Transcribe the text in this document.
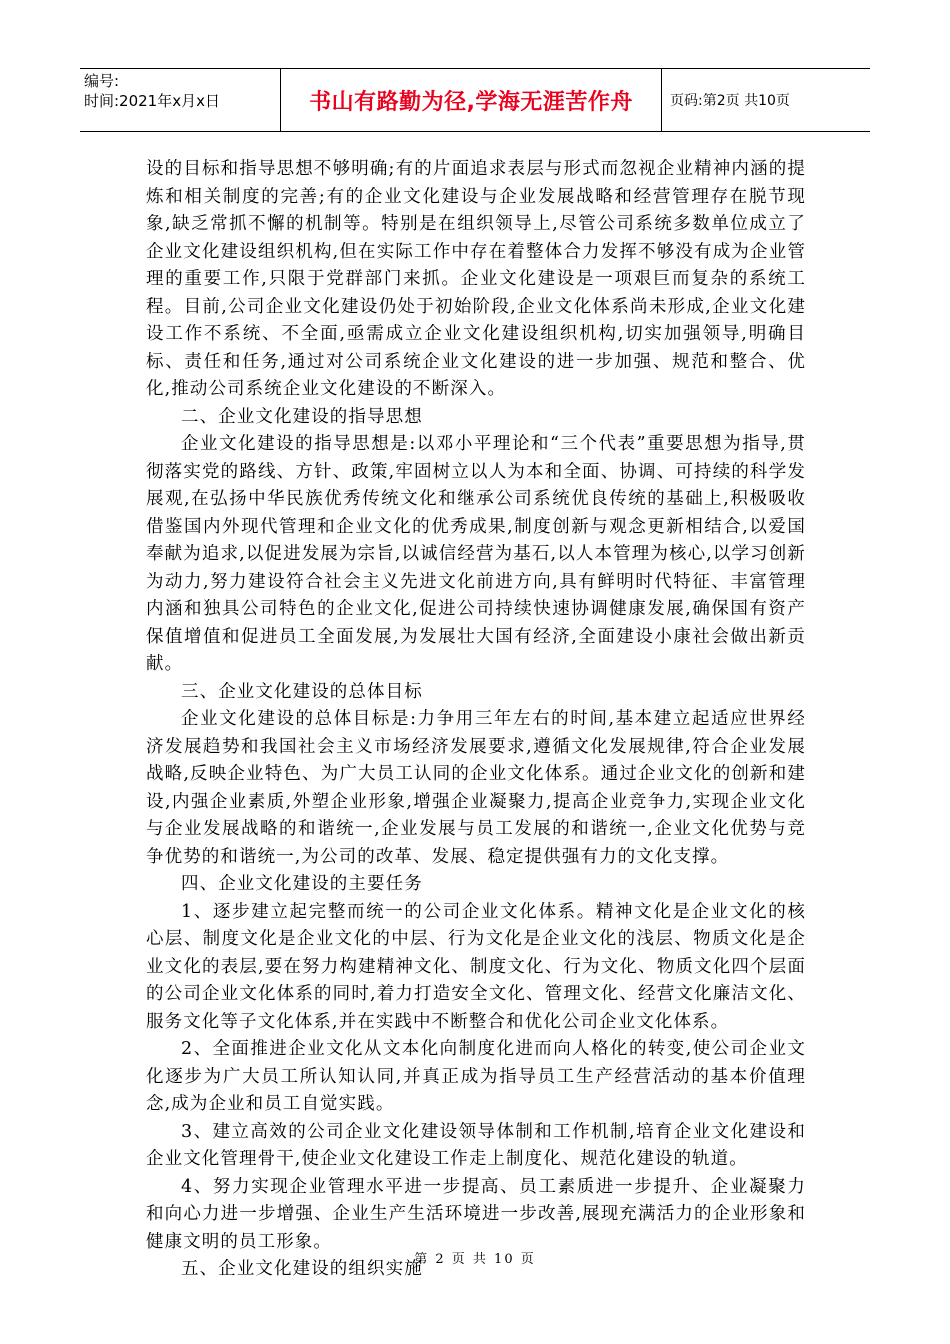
编号:
时间:2021年x月x日	书山有路勤为径,学海无涯苦作舟	页码:第2页 共10页

设的目标和指导思想不够明确;有的片面追求表层与形式而忽视企业精神内涵的提炼和相关制度的完善;有的企业文化建设与企业发展战略和经营管理存在脱节现象,缺乏常抓不懈的机制等。特别是在组织领导上,尽管公司系统多数单位成立了企业文化建设组织机构,但在实际工作中存在着整体合力发挥不够没有成为企业管理的重要工作,只限于党群部门来抓。企业文化建设是一项艰巨而复杂的系统工程。目前,公司企业文化建设仍处于初始阶段,企业文化体系尚未形成,企业文化建设工作不系统、不全面,亟需成立企业文化建设组织机构,切实加强领导,明确目标、责任和任务,通过对公司系统企业文化建设的进一步加强、规范和整合、优化,推动公司系统企业文化建设的不断深入。

二、企业文化建设的指导思想

企业文化建设的指导思想是:以邓小平理论和“三个代表”重要思想为指导,贯彻落实党的路线、方针、政策,牢固树立以人为本和全面、协调、可持续的科学发展观,在弘扬中华民族优秀传统文化和继承公司系统优良传统的基础上,积极吸收借鉴国内外现代管理和企业文化的优秀成果,制度创新与观念更新相结合,以爱国奉献为追求,以促进发展为宗旨,以诚信经营为基石,以人本管理为核心,以学习创新为动力,努力建设符合社会主义先进文化前进方向,具有鲜明时代特征、丰富管理内涵和独具公司特色的企业文化,促进公司持续快速协调健康发展,确保国有资产保值增值和促进员工全面发展,为发展壮大国有经济,全面建设小康社会做出新贡献。

三、企业文化建设的总体目标

企业文化建设的总体目标是:力争用三年左右的时间,基本建立起适应世界经济发展趋势和我国社会主义市场经济发展要求,遵循文化发展规律,符合企业发展战略,反映企业特色、为广大员工认同的企业文化体系。通过企业文化的创新和建设,内强企业素质,外塑企业形象,增强企业凝聚力,提高企业竞争力,实现企业文化与企业发展战略的和谐统一,企业发展与员工发展的和谐统一,企业文化优势与竞争优势的和谐统一,为公司的改革、发展、稳定提供强有力的文化支撑。

四、企业文化建设的主要任务

1、逐步建立起完整而统一的公司企业文化体系。精神文化是企业文化的核心层、制度文化是企业文化的中层、行为文化是企业文化的浅层、物质文化是企业文化的表层,要在努力构建精神文化、制度文化、行为文化、物质文化四个层面的公司企业文化体系的同时,着力打造安全文化、管理文化、经营文化廉洁文化、服务文化等子文化体系,并在实践中不断整合和优化公司企业文化体系。

2、全面推进企业文化从文本化向制度化进而向人格化的转变,使公司企业文化逐步为广大员工所认知认同,并真正成为指导员工生产经营活动的基本价值理念,成为企业和员工自觉实践。

3、建立高效的公司企业文化建设领导体制和工作机制,培育企业文化建设和企业文化管理骨干,使企业文化建设工作走上制度化、规范化建设的轨道。

4、努力实现企业管理水平进一步提高、员工素质进一步提升、企业凝聚力和向心力进一步增强、企业生产生活环境进一步改善,展现充满活力的企业形象和健康文明的员工形象。

五、企业文化建设的组织实施

第 2 页 共 10 页
